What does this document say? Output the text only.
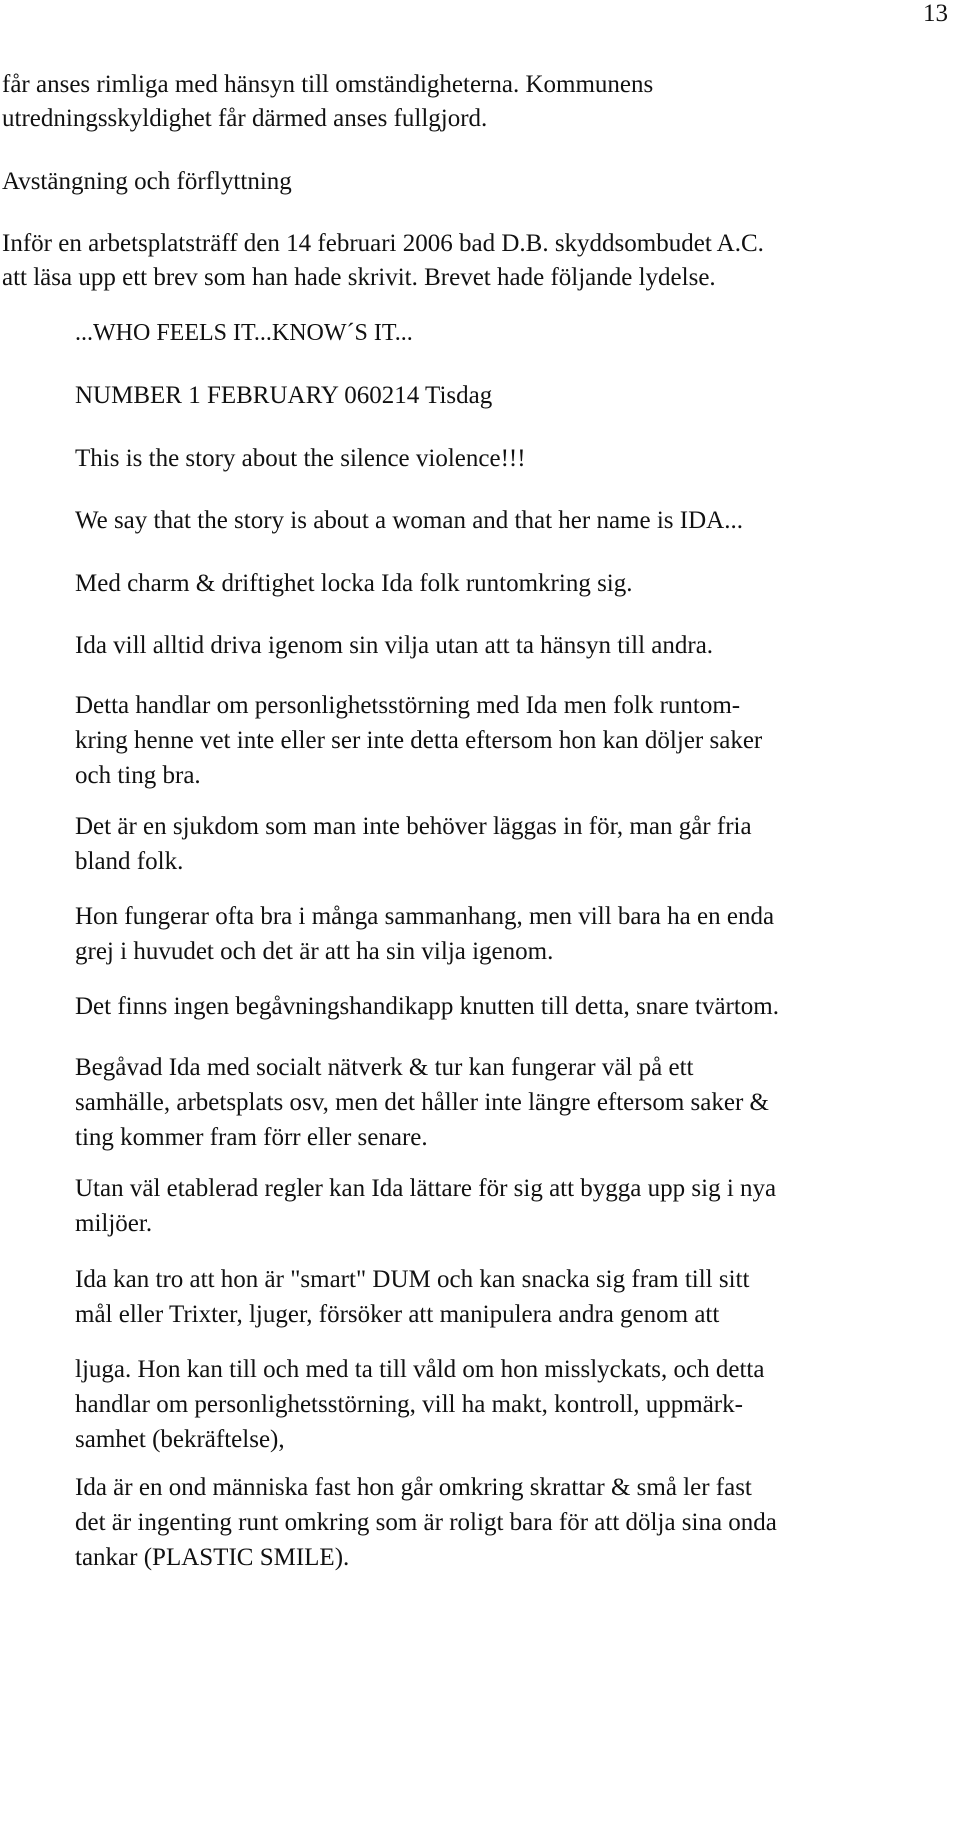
13

får anses rimliga med hänsyn till omständigheterna. Kommunens
utredningsskyldighet får därmed anses fullgjord.

Avstängning och förflyttning

Inför en arbetsplatsträff den 14 februari 2006 bad D.B. skyddsombudet A.C.
att läsa upp ett brev som han hade skrivit. Brevet hade följande lydelse.

...WHO FEELS IT...KNOW´S IT...

NUMBER 1 FEBRUARY 060214 Tisdag

This is the story about the silence violence!!!

We say that the story is about a woman and that her name is IDA...

Med charm & driftighet locka Ida folk runtomkring sig.

Ida vill alltid driva igenom sin vilja utan att ta hänsyn till andra.

Detta handlar om personlighetsstörning med Ida men folk runtom-
kring henne vet inte eller ser inte detta eftersom hon kan döljer saker
och ting bra.

Det är en sjukdom som man inte behöver läggas in för, man går fria
bland folk.

Hon fungerar ofta bra i många sammanhang, men vill bara ha en enda
grej i huvudet och det är att ha sin vilja igenom.

Det finns ingen begåvningshandikapp knutten till detta, snare tvärtom.

Begåvad Ida med socialt nätverk & tur kan fungerar väl på ett
samhälle, arbetsplats osv, men det håller inte längre eftersom saker &
ting kommer fram förr eller senare.

Utan väl etablerad regler kan Ida lättare för sig att bygga upp sig i nya
miljöer.

Ida kan tro att hon är "smart" DUM och kan snacka sig fram till sitt
mål eller Trixter, ljuger, försöker att manipulera andra genom att

ljuga. Hon kan till och med ta till våld om hon misslyckats, och detta
handlar om personlighetsstörning, vill ha makt, kontroll, uppmärk-
samhet (bekräftelse),

Ida är en ond människa fast hon går omkring skrattar & små ler fast
det är ingenting runt omkring som är roligt bara för att dölja sina onda
tankar (PLASTIC SMILE).
